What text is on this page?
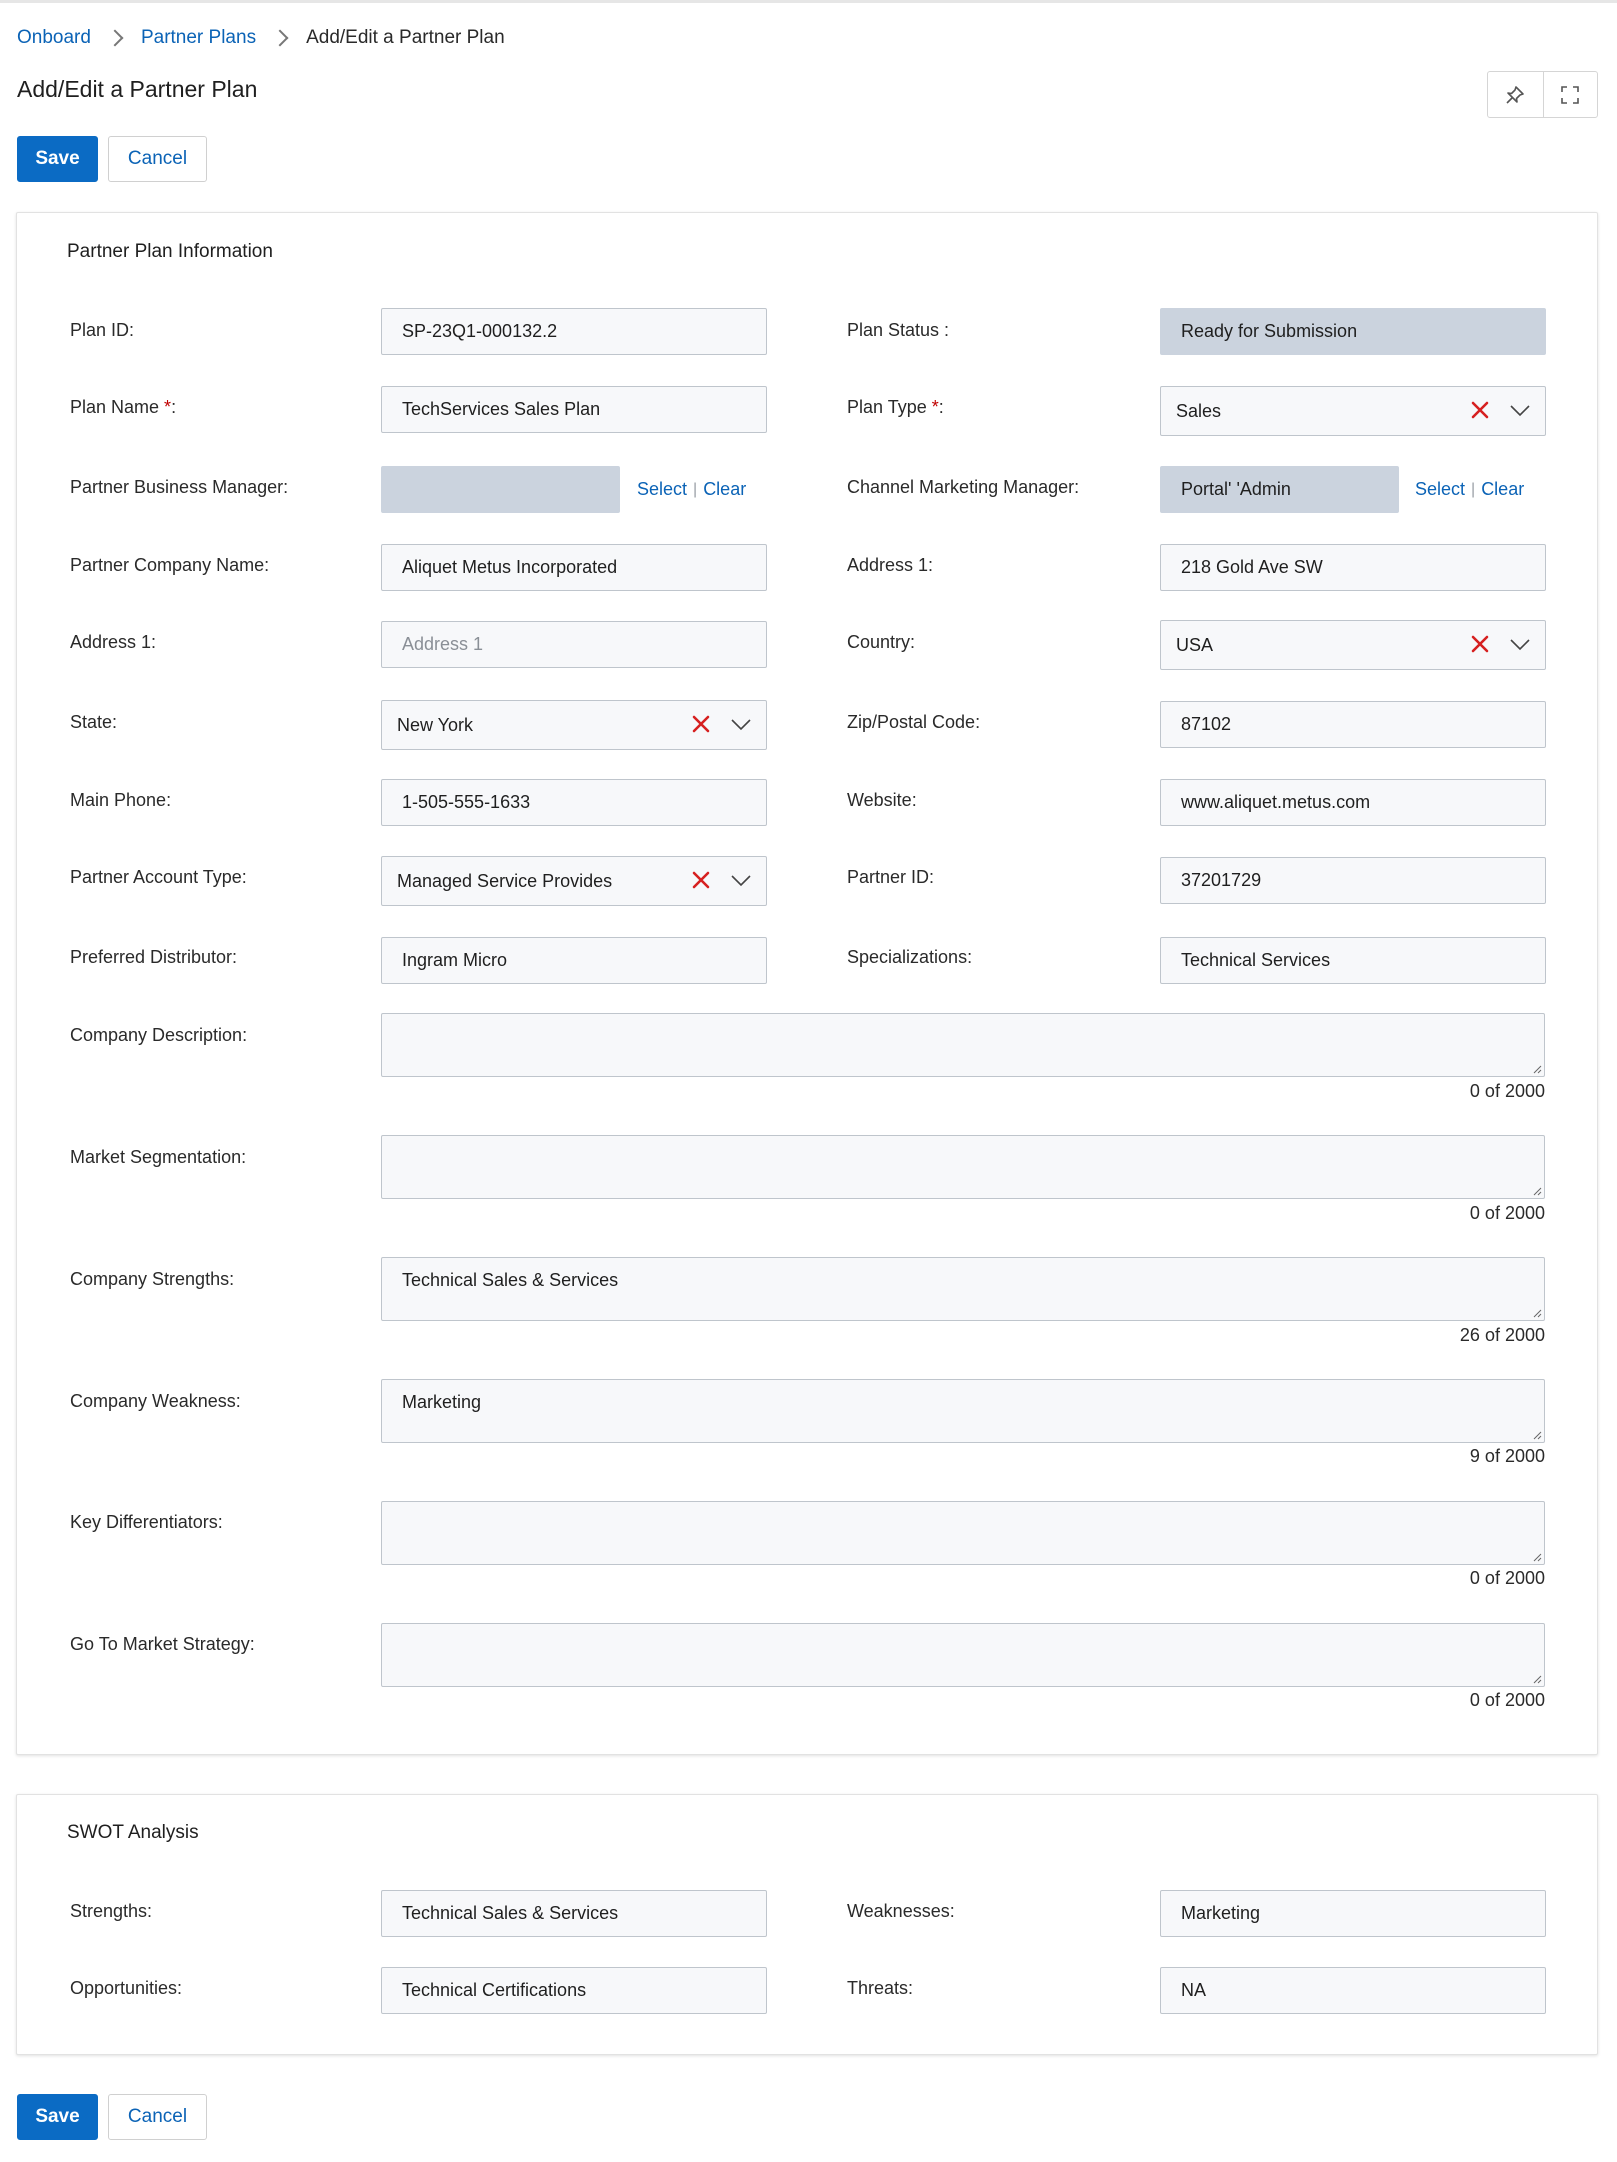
Onboard	Partner Plans	Add/Edit a Partner Plan
Add/Edit a Partner Plan
Save	Cancel
Partner Plan Information
Plan ID:	SP-23Q1-000132.2	Plan Status :	Ready for Submission
Plan Name *:	TechServices Sales Plan	Plan Type *:	Sales
Partner Business Manager:	Select | Clear	Channel Marketing Manager:	Portal' 'Admin	Select | Clear
Partner Company Name:	Aliquet Metus Incorporated	Address 1:	218 Gold Ave SW
Address 1:	Address 1	Country:	USA
State:	New York	Zip/Postal Code:	87102
Main Phone:	1-505-555-1633	Website:	www.aliquet.metus.com
Partner Account Type:	Managed Service Provides	Partner ID:	37201729
Preferred Distributor:	Ingram Micro	Specializations:	Technical Services
Company Description:
0 of 2000
Market Segmentation:
0 of 2000
Company Strengths:	Technical Sales & Services
26 of 2000
Company Weakness:	Marketing
9 of 2000
Key Differentiators:
0 of 2000
Go To Market Strategy:
0 of 2000
SWOT Analysis
Strengths:	Technical Sales & Services	Weaknesses:	Marketing
Opportunities:	Technical Certifications	Threats:	NA
Save	Cancel
